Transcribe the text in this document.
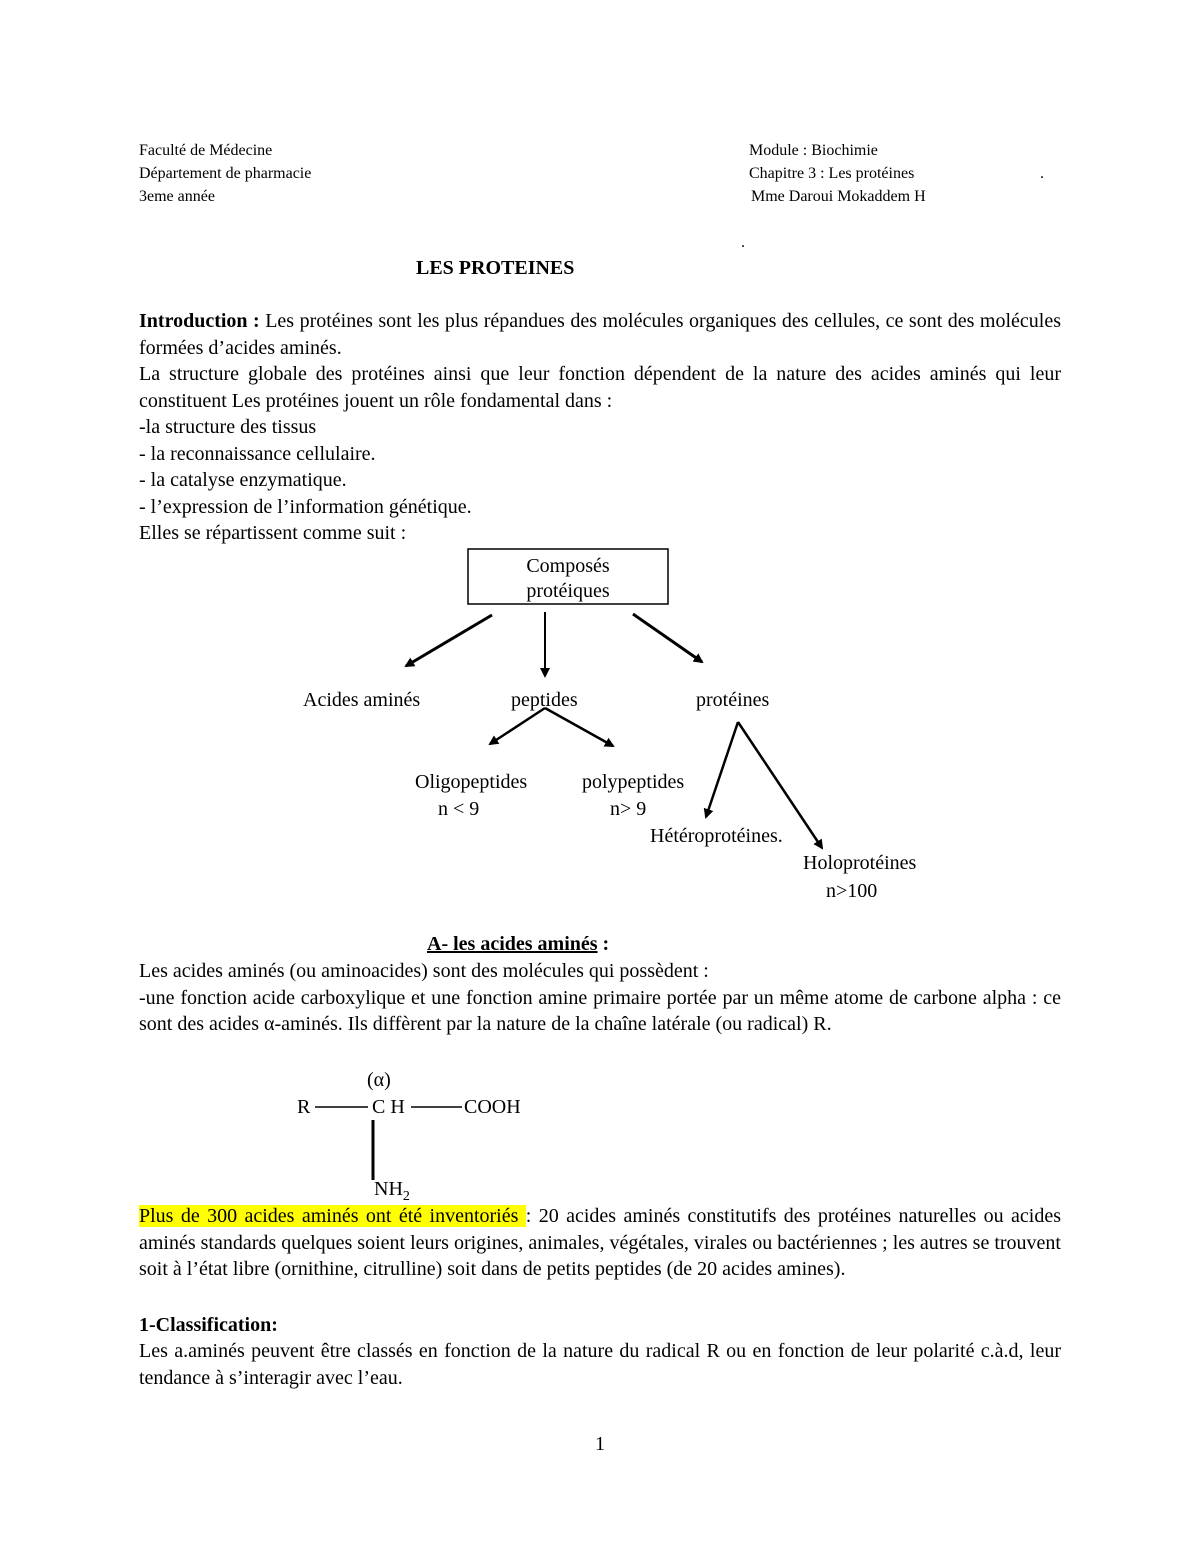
Faculté de Médecine
Département de pharmacie
3eme année
Module : Biochimie
Chapitre 3 : Les protéines	.
Mme Daroui Mokaddem H
.
LES PROTEINES

Introduction : Les protéines sont les plus répandues des molécules organiques des cellules, ce sont des molécules formées d’acides aminés.

La structure globale des protéines ainsi que leur fonction dépendent de la nature des acides aminés qui leur constituent Les protéines jouent un rôle fondamental dans :

-la structure des tissus

- la reconnaissance cellulaire.

- la catalyse enzymatique.

- l’expression de l’information génétique.

Elles se répartissent comme suit :

Composés
protéiques
Acides aminés	peptides	protéines
Oligopeptides
n < 9
polypeptides
n> 9
Hétéroprotéines.
Holoprotéines
n>100
A- les acides aminés :

Les acides aminés (ou aminoacides) sont des molécules qui possèdent :

-une fonction acide carboxylique et une fonction amine primaire portée par un même atome de carbone alpha : ce sont des acides α-aminés. Ils diffèrent par la nature de la chaîne latérale (ou radical) R.

(α)
R	C H	COOH
$NH_2$

Plus de 300 acides aminés ont été inventoriés : 20 acides aminés constitutifs des protéines naturelles ou acides aminés standards quelques soient leurs origines, animales, végétales, virales ou bactériennes ; les autres se trouvent soit à l’état libre (ornithine, citrulline) soit dans de petits peptides (de 20 acides amines).

1-Classification:
Les a.aminés peuvent être classés en fonction de la nature du radical R ou en fonction de leur polarité c.à.d, leur tendance à s’interagir avec l’eau.
1
